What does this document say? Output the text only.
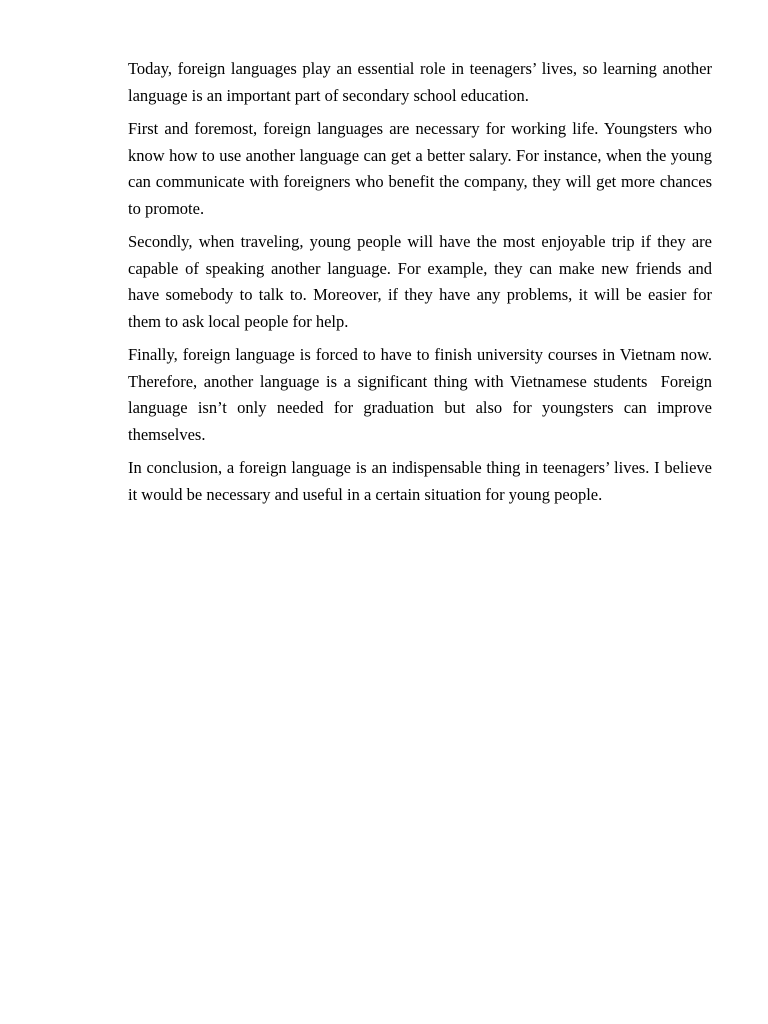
Today, foreign languages play an essential role in teenagers’ lives, so learning another language is an important part of secondary school education.

First and foremost, foreign languages are necessary for working life. Youngsters who know how to use another language can get a better salary. For instance, when the young can communicate with foreigners who benefit the company, they will get more chances to promote.

Secondly, when traveling, young people will have the most enjoyable trip if they are capable of speaking another language. For example, they can make new friends and have somebody to talk to. Moreover, if they have any problems, it will be easier for them to ask local people for help.

Finally, foreign language is forced to have to finish university courses in Vietnam now. Therefore, another language is a significant thing with Vietnamese students  Foreign language isn’t only needed for graduation but also for youngsters can improve themselves.

In conclusion, a foreign language is an indispensable thing in teenagers’ lives. I believe it would be necessary and useful in a certain situation for young people.
